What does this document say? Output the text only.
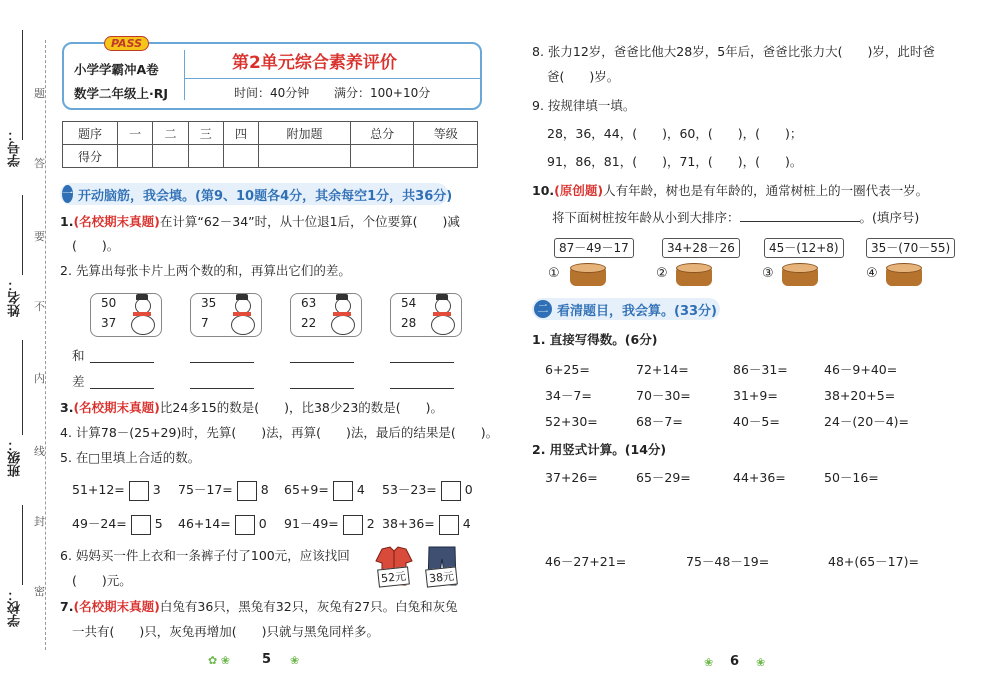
学号：
姓名：
班级：
学校：
题
答
要
不
内
线
封
密
PASS
小学学霸冲A卷
数学二年级上·RJ
第2单元综合素养评价
时间：40分钟 满分：100+10分
题序	一	二	三	四	附加题	总分	等级
得分							
一 开动脑筋，我会填。(第9、10题各4分，其余每空1分，共36分)
1.(名校期末真题)在计算“62－34”时，从十位退1后，个位要算(　　)减
(　　)。
2. 先算出每张卡片上两个数的和，再算出它们的差。
50
37
35
7
63
22
54
28
和
差
3.(名校期末真题)比24多15的数是(　　)，比38少23的数是(　　)。
4. 计算78－(25+29)时，先算(　　)法，再算(　　)法，最后的结果是(　　)。
5. 在□里填上合适的数。
51+12= 3 75－17= 8 65+9= 4 53－23= 0
49－24= 5 46+14= 0 91－49= 2 38+36= 4
6. 妈妈买一件上衣和一条裤子付了100元，应该找回
(　　)元。	52元 38元
7.(名校期末真题)白兔有36只，黑兔有32只，灰兔有27只。白兔和灰兔
一共有(　　)只，灰兔再增加(　　)只就与黑兔同样多。
✿ ❀ 5 ❀
8. 张力12岁，爸爸比他大28岁，5年后，爸爸比张力大(　　)岁，此时爸
爸(　　)岁。
9. 按规律填一填。
28，36，44，(　　)，60，(　　)，(　　)；
91，86，81，(　　)，71，(　　)，(　　)。
10.(原创题)人有年龄，树也是有年龄的，通常树桩上的一圈代表一岁。
将下面树桩按年龄从小到大排序：	。(填序号)
87－49－17
①
34+28－26
②
45－(12+8)
③
35－(70－55)
④
二 看清题目，我会算。(33分)
1. 直接写得数。(6分)
6+25=	72+14=	86－31=	46－9+40=
34－7=	70－30=	31+9=	38+20+5=
52+30=	68－7=	40－5=	24－(20－4)=
2. 用竖式计算。(14分)
37+26=	65－29=	44+36=	50－16=
46－27+21=	75－48－19=	48+(65－17)=
❀ 6 ❀
